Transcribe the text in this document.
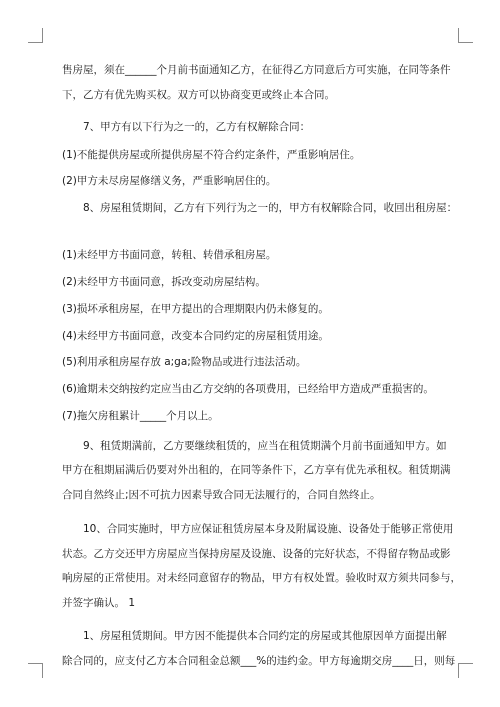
售房屋，须在______个月前书面通知乙方，在征得乙方同意后方可实施，在同等条件
下，乙方有优先购买权。双方可以协商变更或终止本合同。
7、甲方有以下行为之一的，乙方有权解除合同：
(1)不能提供房屋或所提供房屋不符合约定条件，严重影响居住。
(2)甲方未尽房屋修缮义务，严重影响居住的。
8、房屋租赁期间，乙方有下列行为之一的，甲方有权解除合同，收回出租房屋：
(1)未经甲方书面同意，转租、转借承租房屋。
(2)未经甲方书面同意，拆改变动房屋结构。
(3)损坏承租房屋，在甲方提出的合理期限内仍未修复的。
(4)未经甲方书面同意，改变本合同约定的房屋租赁用途。
(5)利用承租房屋存放 a;ga;险物品或进行违法活动。
(6)逾期未交纳按约定应当由乙方交纳的各项费用，已经给甲方造成严重损害的。
(7)拖欠房租累计_____个月以上。
9、租赁期满前，乙方要继续租赁的，应当在租赁期满个月前书面通知甲方。如
甲方在租期届满后仍要对外出租的，在同等条件下，乙方享有优先承租权。租赁期满
合同自然终止;因不可抗力因素导致合同无法履行的，合同自然终止。
10、合同实施时，甲方应保证租赁房屋本身及附属设施、设备处于能够正常使用
状态。乙方交还甲方房屋应当保持房屋及设施、设备的完好状态，不得留存物品或影
响房屋的正常使用。对未经同意留存的物品，甲方有权处置。验收时双方须共同参与，
并签字确认。 1
1、房屋租赁期间。甲方因不能提供本合同约定的房屋或其他原因单方面提出解
除合同的，应支付乙方本合同租金总额___%的违约金。甲方每逾期交房____日，则每
